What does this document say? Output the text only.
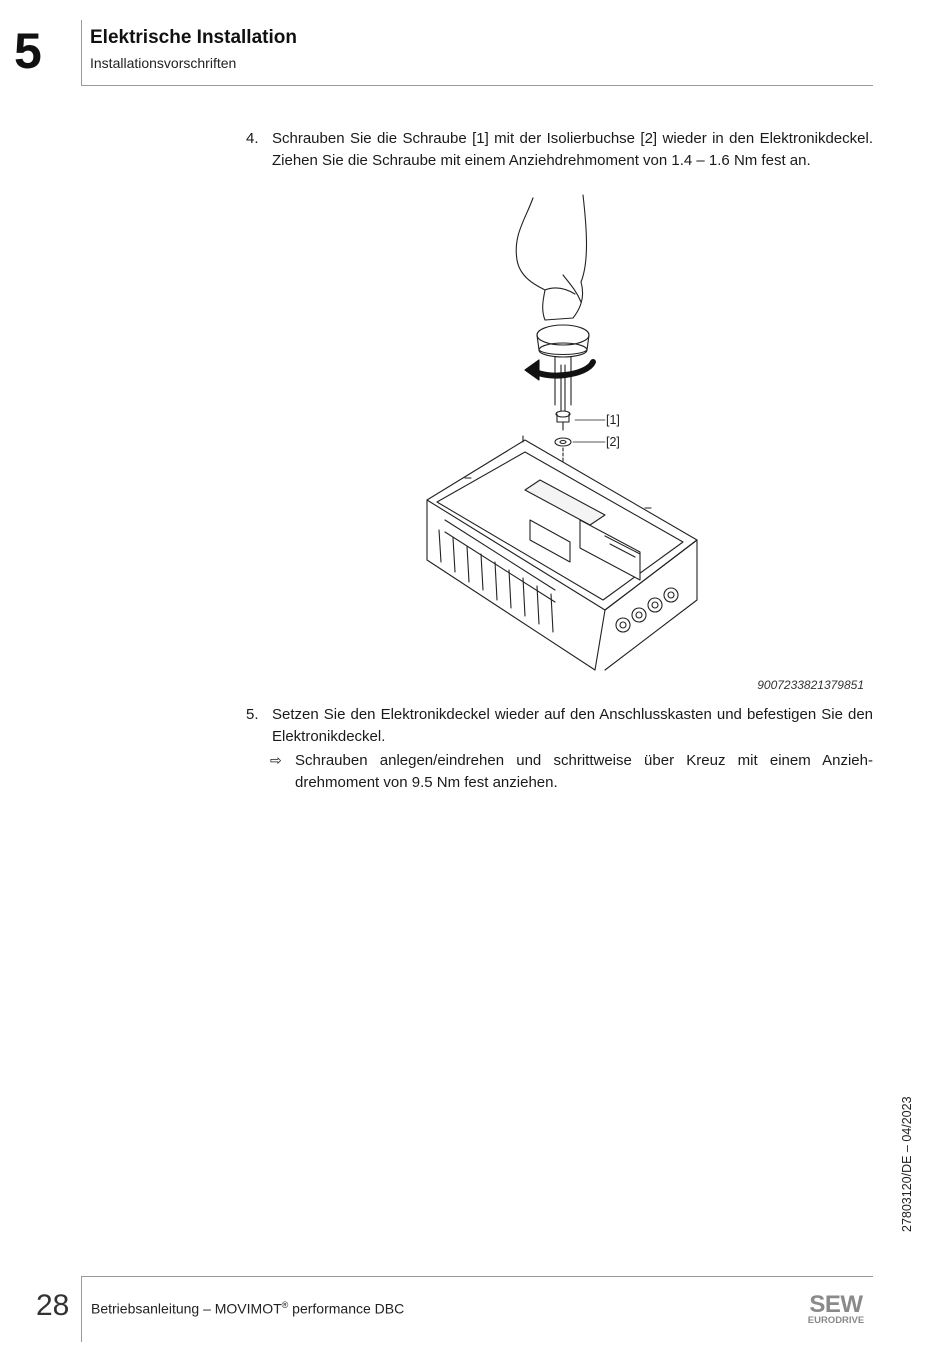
5	Elektrische Installation
Installationsvorschriften
4. Schrauben Sie die Schraube [1] mit der Isolierbuchse [2] wieder in den Elektronikdeckel. Ziehen Sie die Schraube mit einem Anziehdrehmoment von 1.4 – 1.6 Nm fest an.
[1]
[2]
9007233821379851
5. Setzen Sie den Elektronikdeckel wieder auf den Anschlusskasten und befestigen Sie den Elektronikdeckel.
⇨ Schrauben anlegen/eindrehen und schrittweise über Kreuz mit einem Anziehdrehmoment von 9.5 Nm fest anziehen.
27803120/DE – 04/2023
28 Betriebsanleitung – MOVIMOT® performance DBC	SEW
EURODRIVE
